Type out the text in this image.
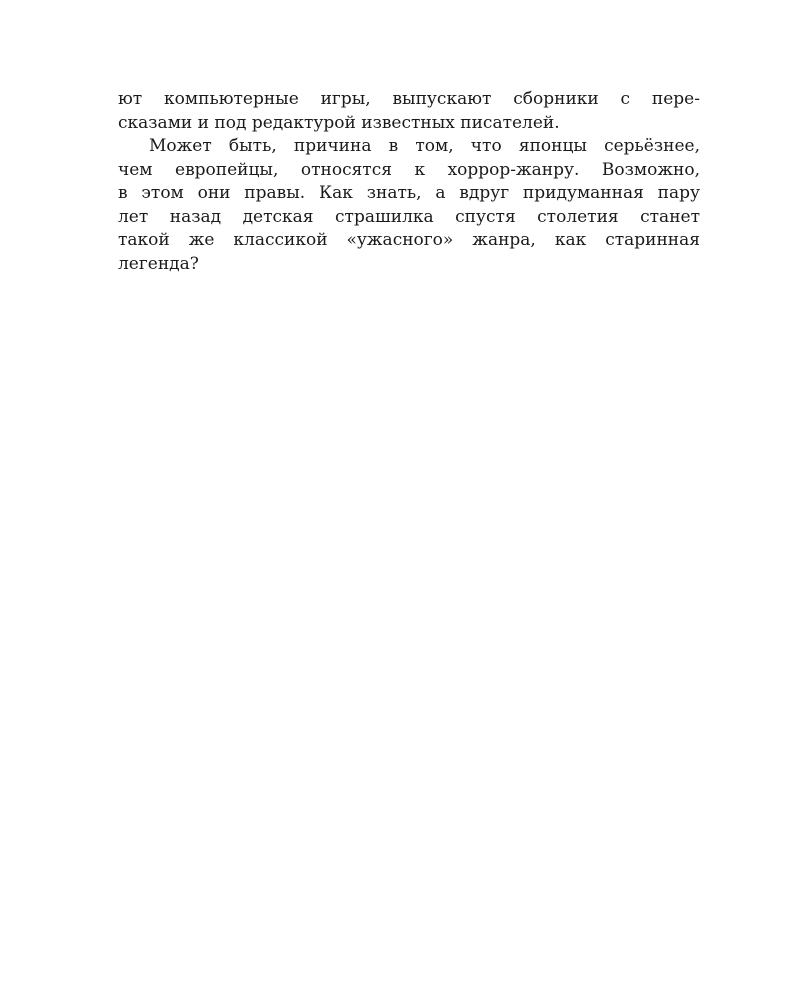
ют компьютерные игры, выпускают сборники с пере-
сказами и под редактурой известных писателей.
Может быть, причина в том, что японцы серьёзнее,
чем европейцы, относятся к хоррор-жанру. Возможно,
в этом они правы. Как знать, а вдруг придуманная пару
лет назад детская страшилка спустя столетия станет
такой же классикой «ужасного» жанра, как старинная
легенда?
